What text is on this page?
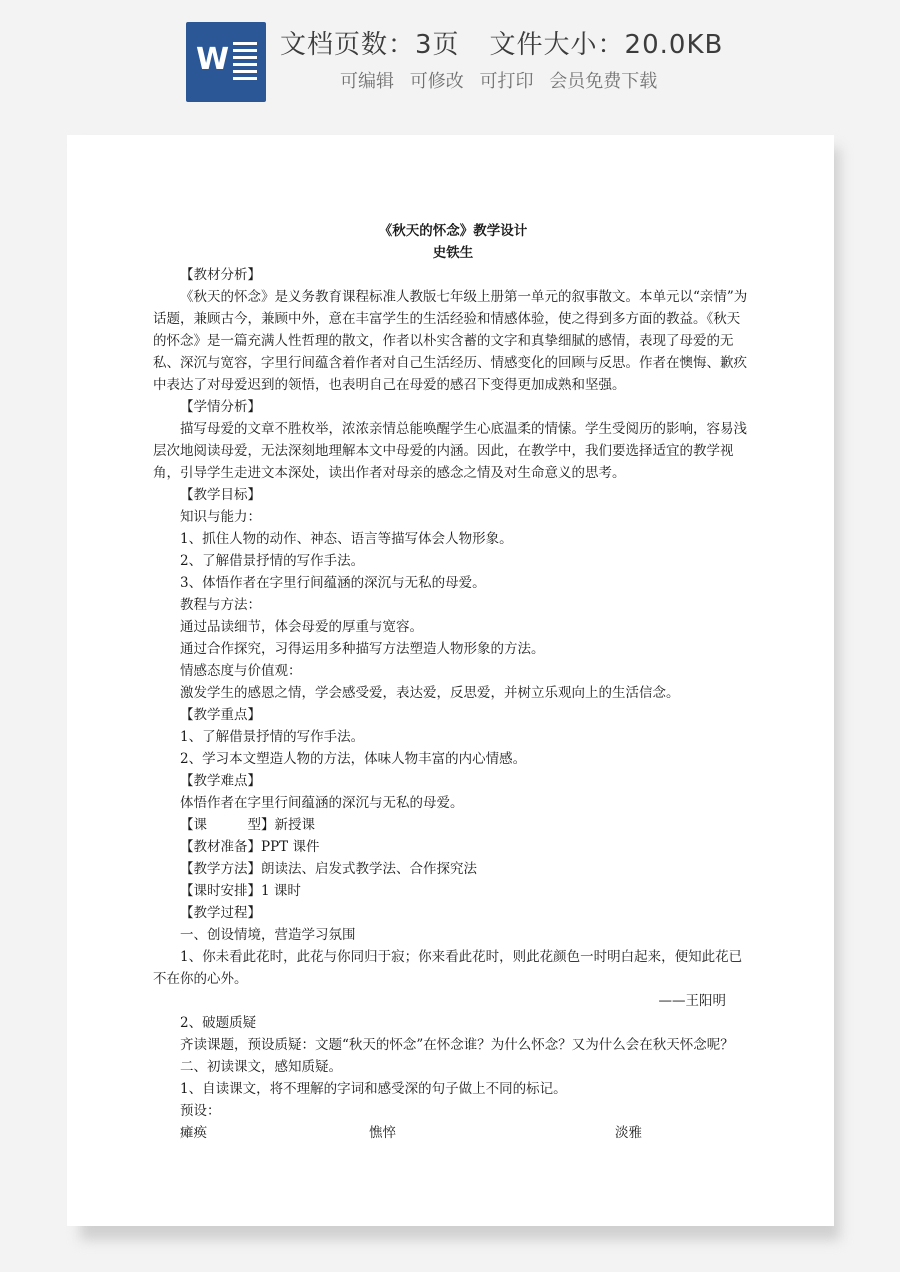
W 文档页数：3页 文件大小：20.0KB
可编辑 可修改 可打印 会员免费下载

《秋天的怀念》教学设计

史铁生

【教材分析】

《秋天的怀念》是义务教育课程标准人教版七年级上册第一单元的叙事散文。本单元以“亲情”为话题，兼顾古今，兼顾中外，意在丰富学生的生活经验和情感体验，使之得到多方面的教益。《秋天的怀念》是一篇充满人性哲理的散文，作者以朴实含蓄的文字和真挚细腻的感情，表现了母爱的无私、深沉与宽容，字里行间蕴含着作者对自己生活经历、情感变化的回顾与反思。作者在懊悔、歉疚中表达了对母爱迟到的领悟，也表明自己在母爱的感召下变得更加成熟和坚强。

【学情分析】

描写母爱的文章不胜枚举，浓浓亲情总能唤醒学生心底温柔的情愫。学生受阅历的影响，容易浅层次地阅读母爱，无法深刻地理解本文中母爱的内涵。因此，在教学中，我们要选择适宜的教学视角，引导学生走进文本深处，读出作者对母亲的感念之情及对生命意义的思考。

【教学目标】

知识与能力：

1、抓住人物的动作、神态、语言等描写体会人物形象。

2、了解借景抒情的写作手法。

3、体悟作者在字里行间蕴涵的深沉与无私的母爱。

教程与方法：

通过品读细节，体会母爱的厚重与宽容。

通过合作探究，习得运用多种描写方法塑造人物形象的方法。

情感态度与价值观：

激发学生的感恩之情，学会感受爱，表达爱，反思爱，并树立乐观向上的生活信念。

【教学重点】

1、了解借景抒情的写作手法。

2、学习本文塑造人物的方法，体味人物丰富的内心情感。

【教学难点】

体悟作者在字里行间蕴涵的深沉与无私的母爱。

【课　　　型】新授课

【教材准备】PPT 课件

【教学方法】朗读法、启发式教学法、合作探究法

【课时安排】1 课时

【教学过程】

一、创设情境，营造学习氛围

1、你未看此花时，此花与你同归于寂；你来看此花时，则此花颜色一时明白起来，便知此花已不在你的心外。

——王阳明

2、破题质疑

齐读课题，预设质疑：文题“秋天的怀念”在怀念谁？为什么怀念？又为什么会在秋天怀念呢？

二、初读课文，感知质疑。

1、自读课文，将不理解的字词和感受深的句子做上不同的标记。

预设：

瘫痪	憔悴	淡雅
